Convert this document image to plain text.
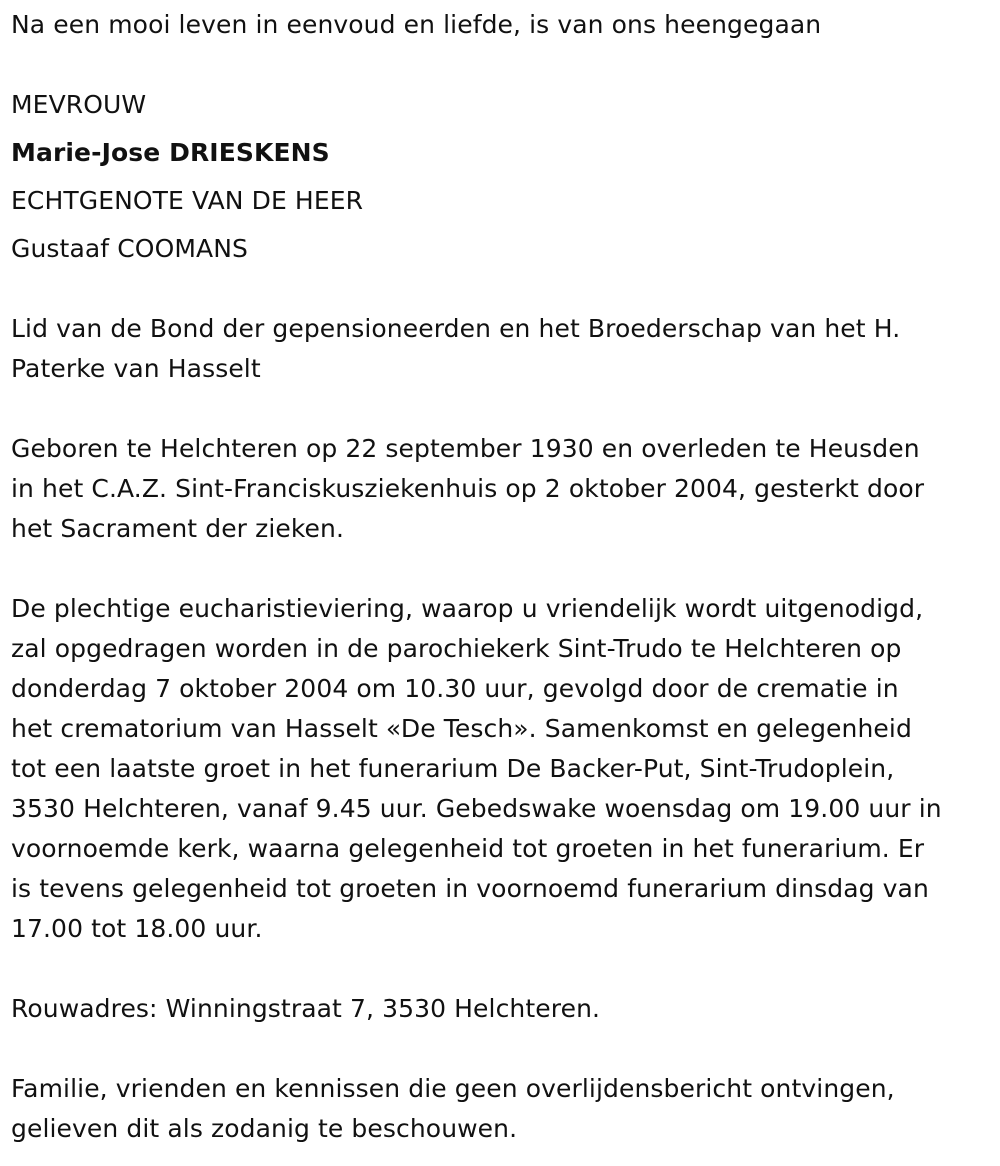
Na een mooi leven in eenvoud en liefde, is van ons heengegaan
MEVROUW
Marie-Jose DRIESKENS
ECHTGENOTE VAN DE HEER
Gustaaf COOMANS
Lid van de Bond der gepensioneerden en het Broederschap van het H.
Paterke van Hasselt
Geboren te Helchteren op 22 september 1930 en overleden te Heusden
in het C.A.Z. Sint-Franciskusziekenhuis op 2 oktober 2004, gesterkt door
het Sacrament der zieken.
De plechtige eucharistieviering, waarop u vriendelijk wordt uitgenodigd,
zal opgedragen worden in de parochiekerk Sint-Trudo te Helchteren op
donderdag 7 oktober 2004 om 10.30 uur, gevolgd door de crematie in
het crematorium van Hasselt «De Tesch». Samenkomst en gelegenheid
tot een laatste groet in het funerarium De Backer-Put, Sint-Trudoplein,
3530 Helchteren, vanaf 9.45 uur. Gebedswake woensdag om 19.00 uur in
voornoemde kerk, waarna gelegenheid tot groeten in het funerarium. Er
is tevens gelegenheid tot groeten in voornoemd funerarium dinsdag van
17.00 tot 18.00 uur.
Rouwadres: Winningstraat 7, 3530 Helchteren.
Familie, vrienden en kennissen die geen overlijdensbericht ontvingen,
gelieven dit als zodanig te beschouwen.
